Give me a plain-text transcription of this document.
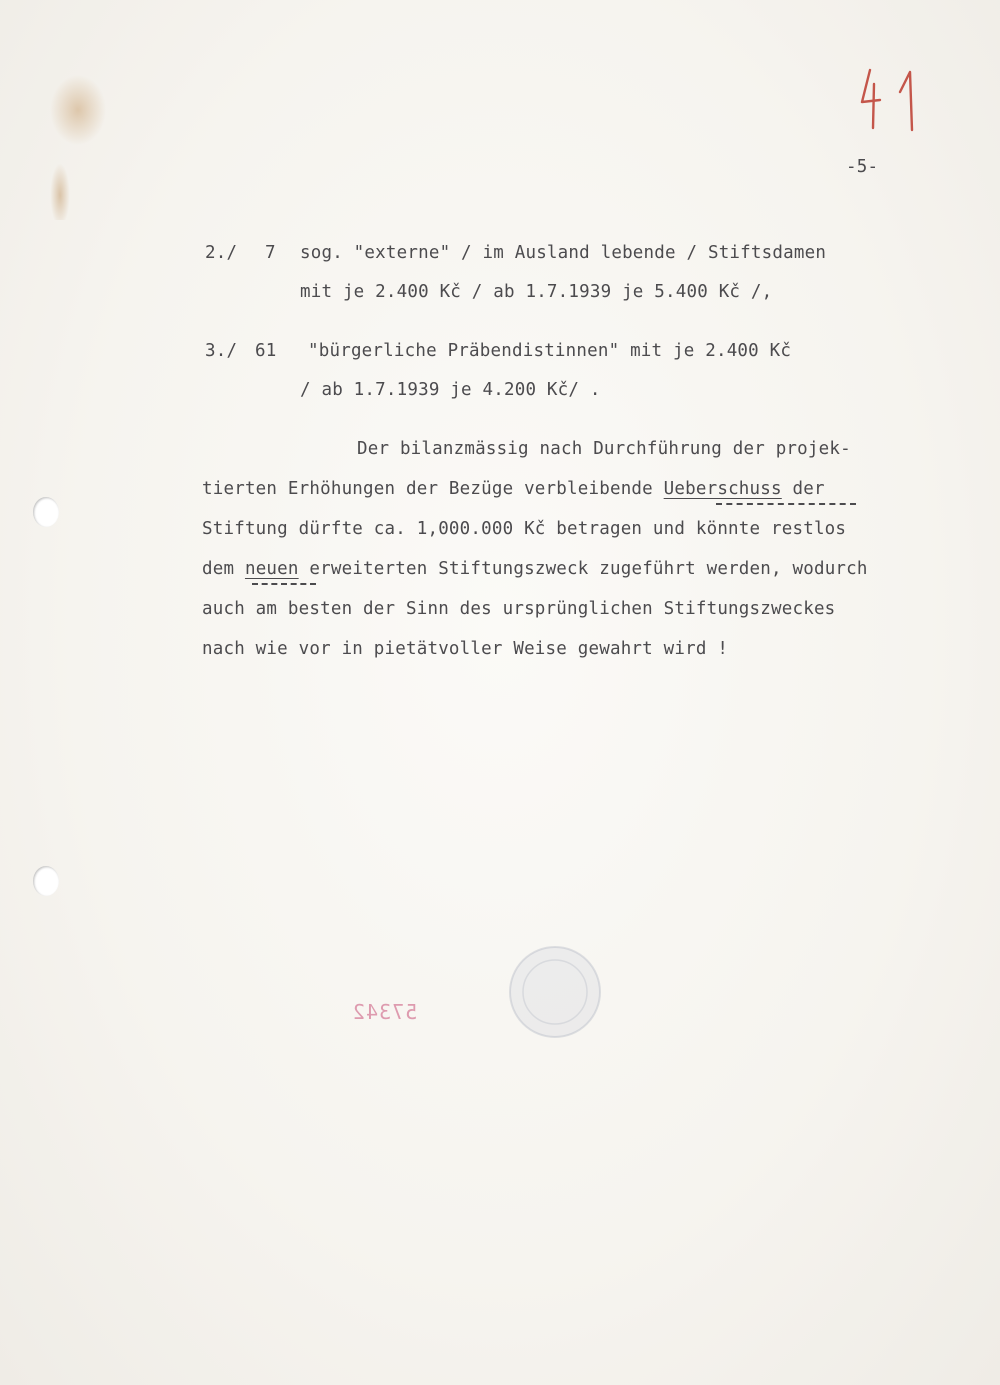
-5-
2./ 7 sog. "externe" / im Ausland lebende / Stiftsdamen
mit je 2.400 Kč / ab 1.7.1939 je 5.400 Kč /,
3./ 61 "bürgerliche Präbendistinnen" mit je 2.400 Kč
/ ab 1.7.1939 je 4.200 Kč/ .
Der bilanzmässig nach Durchführung der projek-
tierten Erhöhungen der Bezüge verbleibende Ueberschuss der
Stiftung dürfte ca. 1,000.000 Kč betragen und könnte restlos
dem neuen erweiterten Stiftungszweck zugeführt werden, wodurch
auch am besten der Sinn des ursprünglichen Stiftungszweckes
nach wie vor in pietätvoller Weise gewahrt wird !
57342
